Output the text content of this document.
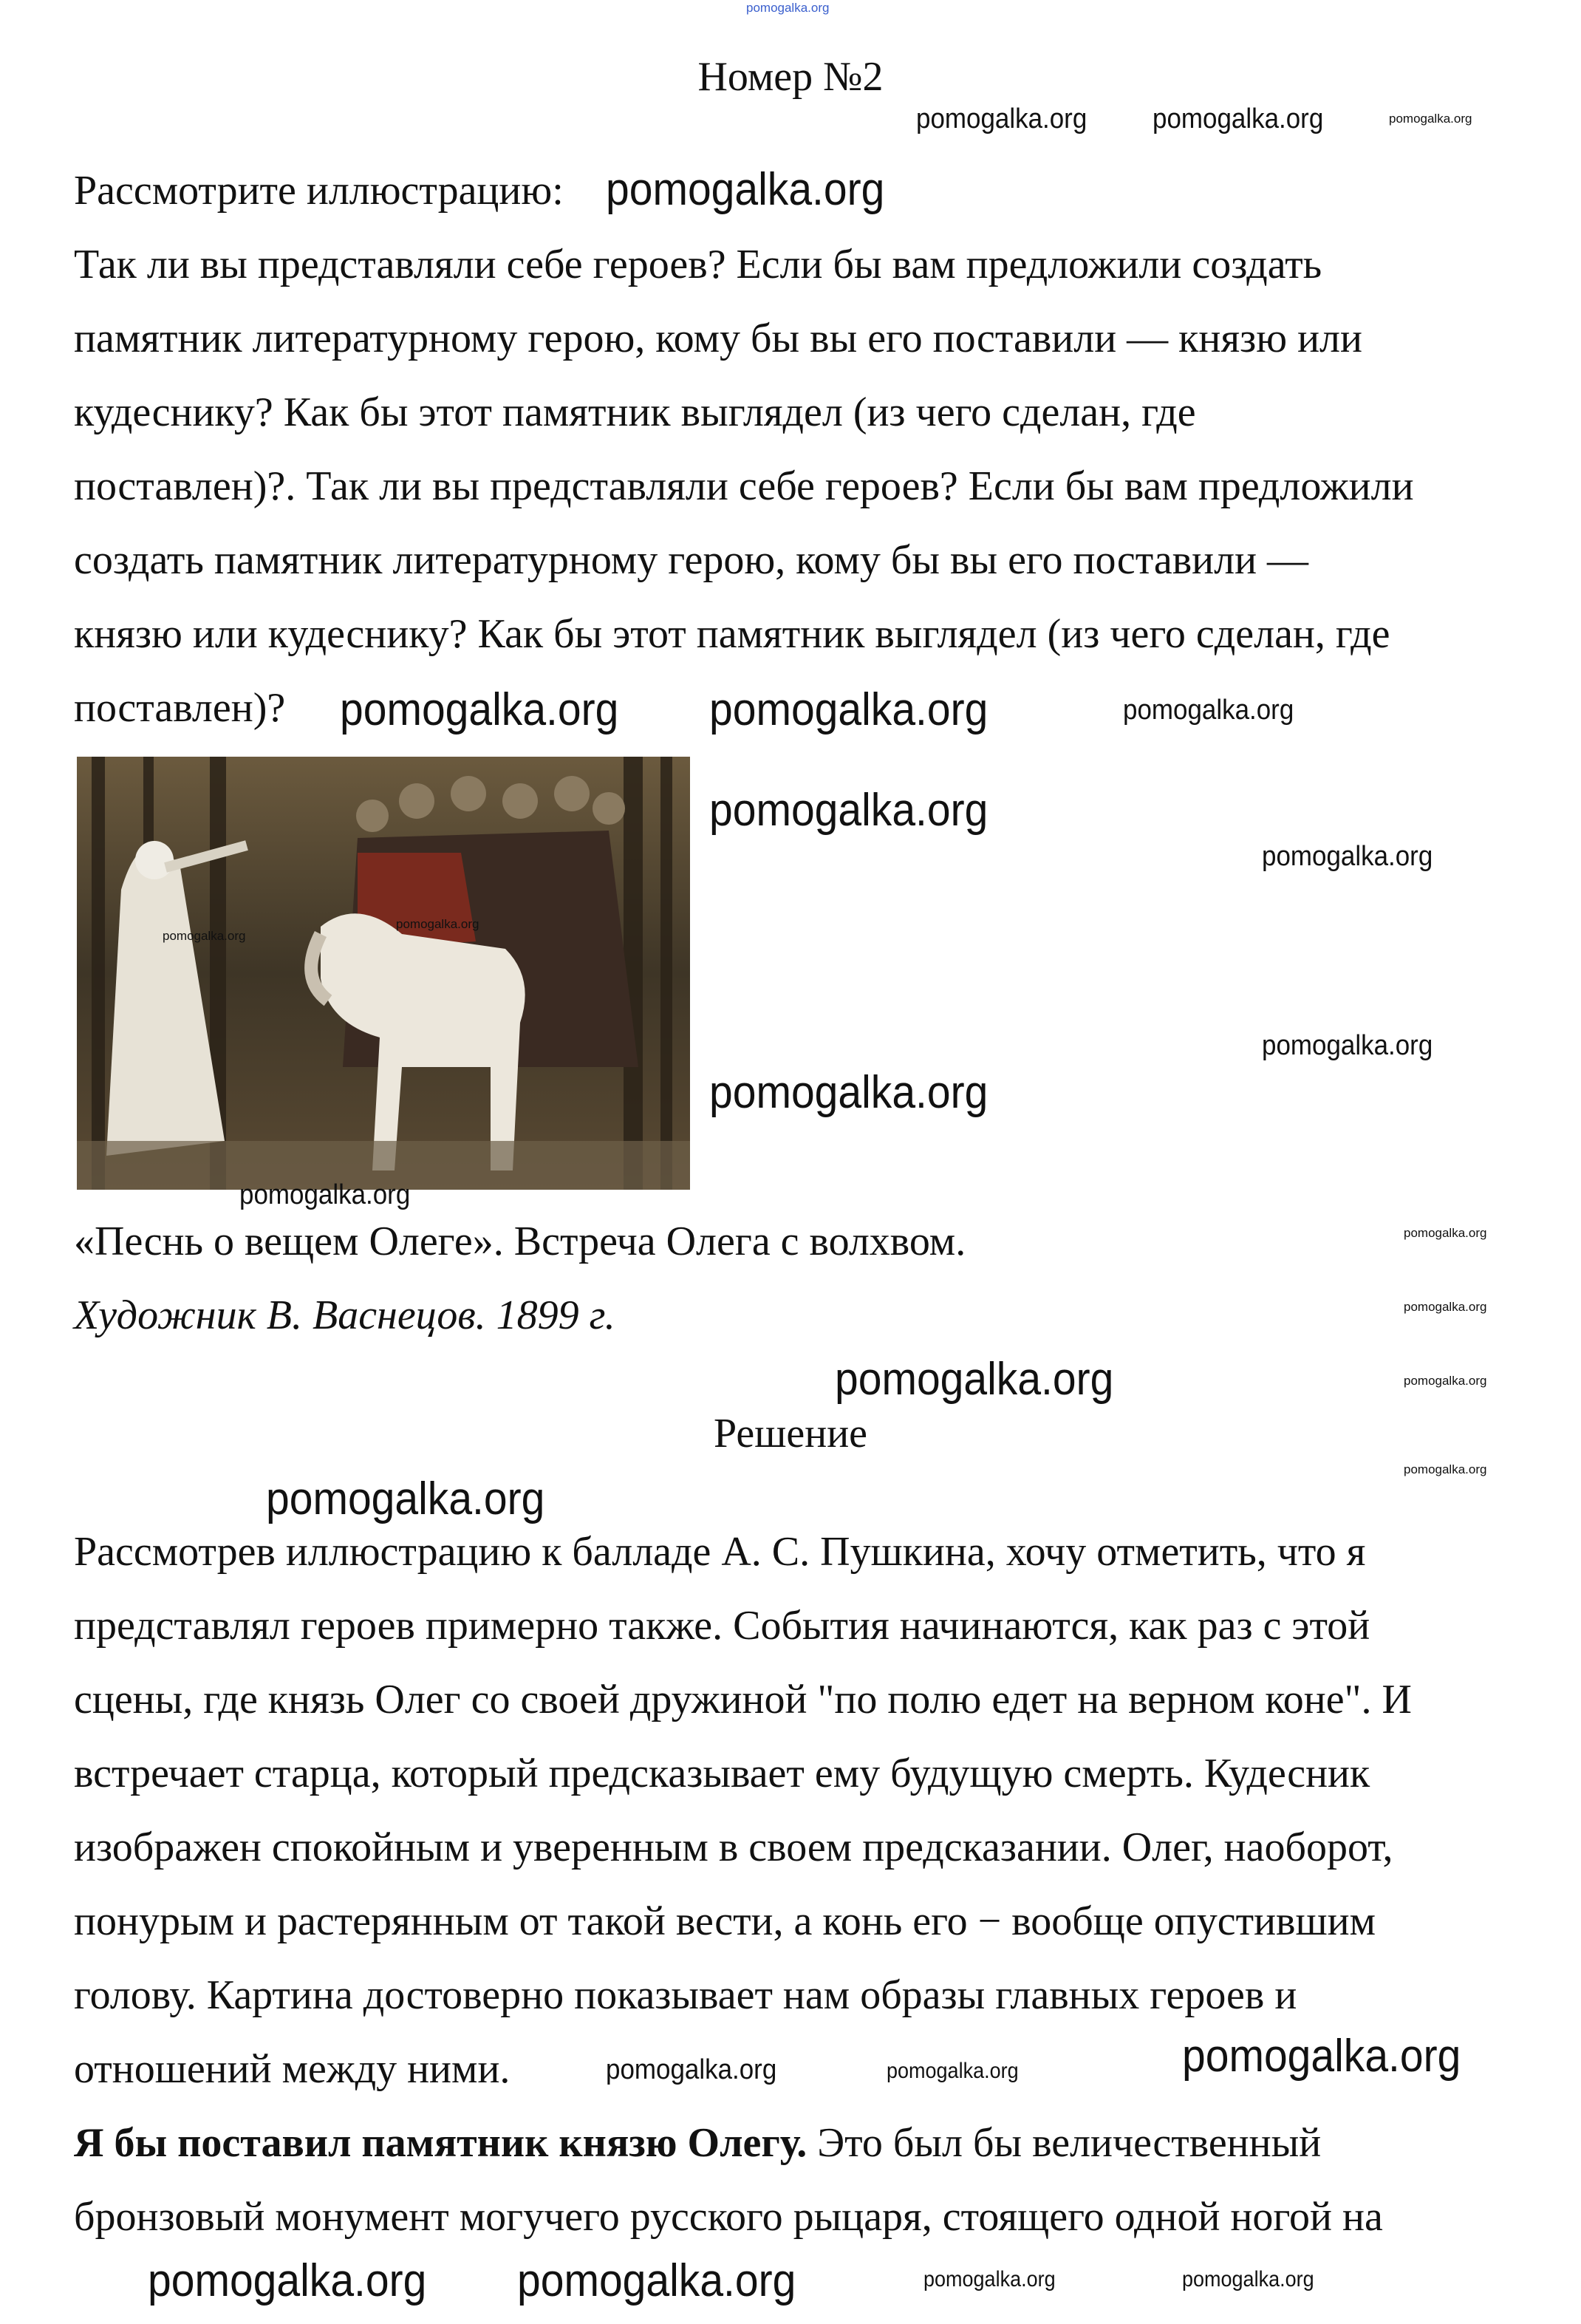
pomogalka.org
Номер №2
Рассмотрите иллюстрацию:
Так ли вы представляли себе героев? Если бы вам предложили создать
памятник литературному герою, кому бы вы его поставили — князю или
кудеснику? Как бы этот памятник выглядел (из чего сделан, где
поставлен)?. Так ли вы представляли себе героев? Если бы вам предложили
создать памятник литературному герою, кому бы вы его поставили —
князю или кудеснику? Как бы этот памятник выглядел (из чего сделан, где
поставлен)?
«Песнь о вещем Олеге». Встреча Олега с волхвом.
Художник В. Васнецов. 1899 г.
Решение
Рассмотрев иллюстрацию к балладе А. С. Пушкина, хочу отметить, что я
представлял героев примерно также. События начинаются, как раз с этой
сцены, где князь Олег со своей дружиной "по полю едет на верном коне". И
встречает старца, который предсказывает ему будущую смерть. Кудесник
изображен спокойным и уверенным в своем предсказании. Олег, наоборот,
понурым и растерянным от такой вести, а конь его − вообще опустившим
голову. Картина достоверно показывает нам образы главных героев и
отношений между ними.
Я бы поставил памятник князю Олегу. Это был бы величественный
бронзовый монумент могучего русского рыцаря, стоящего одной ногой на
pomogalka.org pomogalka.org	pomogalka.org
pomogalka.org
pomogalka.org pomogalka.org	pomogalka.org
pomogalka.org
pomogalka.org
pomogalka.org
pomogalka.org
pomogalka.org
pomogalka.org
pomogalka.org
pomogalka.org
pomogalka.org
pomogalka.org	pomogalka.org
pomogalka.org
pomogalka.org
pomogalka.org	pomogalka.org	pomogalka.org
pomogalka.org pomogalka.org	pomogalka.org	pomogalka.org
